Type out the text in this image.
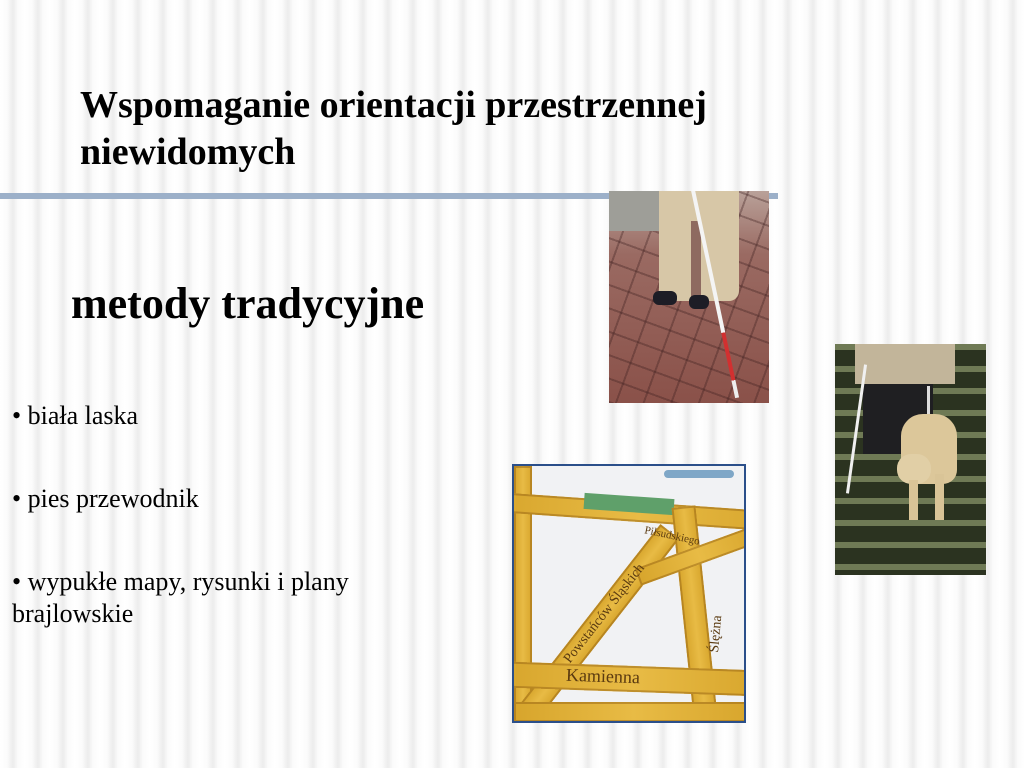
Wspomaganie orientacji przestrzennej
niewidomych
metody tradycyjne
• biała laska
• pies przewodnik
• wypukłe mapy, rysunki i plany
brajlowskie
Piłsudskiego
Powstańców Śląskich	Ślężna
Kamienna
